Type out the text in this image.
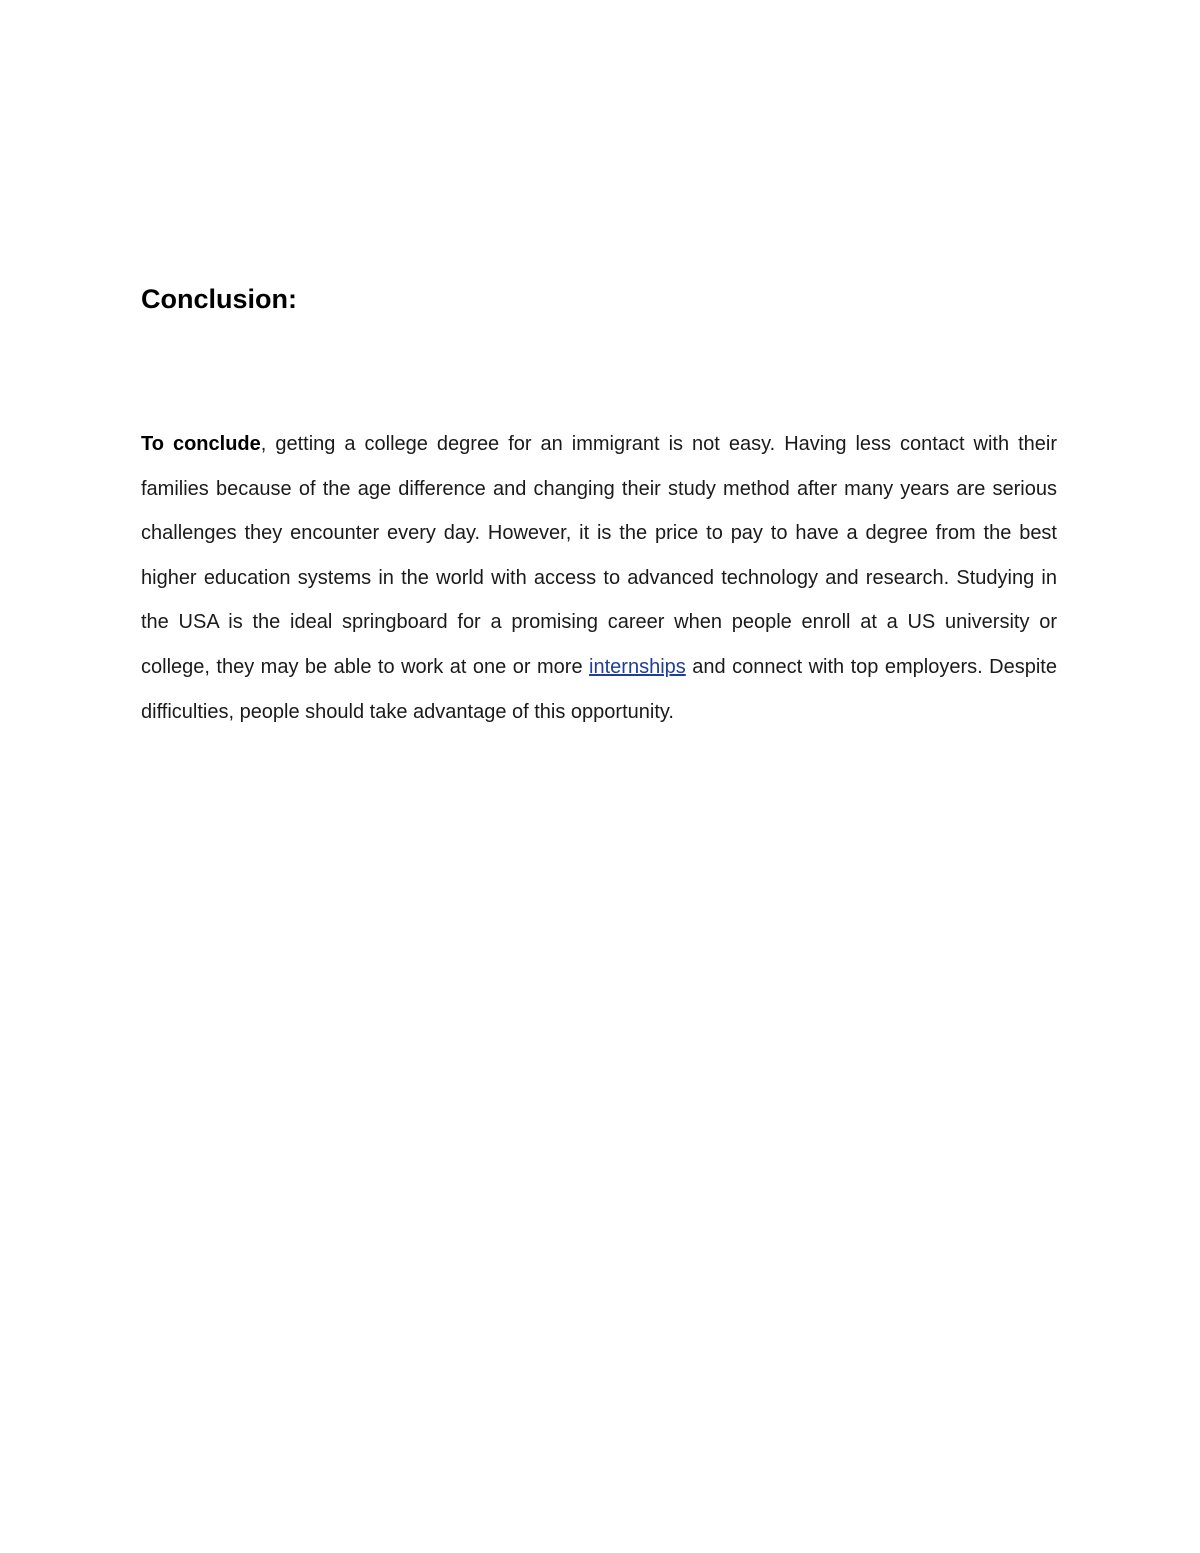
Conclusion:

To conclude, getting a college degree for an immigrant is not easy. Having less contact with their families because of the age difference and changing their study method after many years are serious challenges they encounter every day. However, it is the price to pay to have a degree from the best higher education systems in the world with access to advanced technology and research. Studying in the USA is the ideal springboard for a promising career when people enroll at a US university or college, they may be able to work at one or more internships and connect with top employers. Despite difficulties, people should take advantage of this opportunity.
